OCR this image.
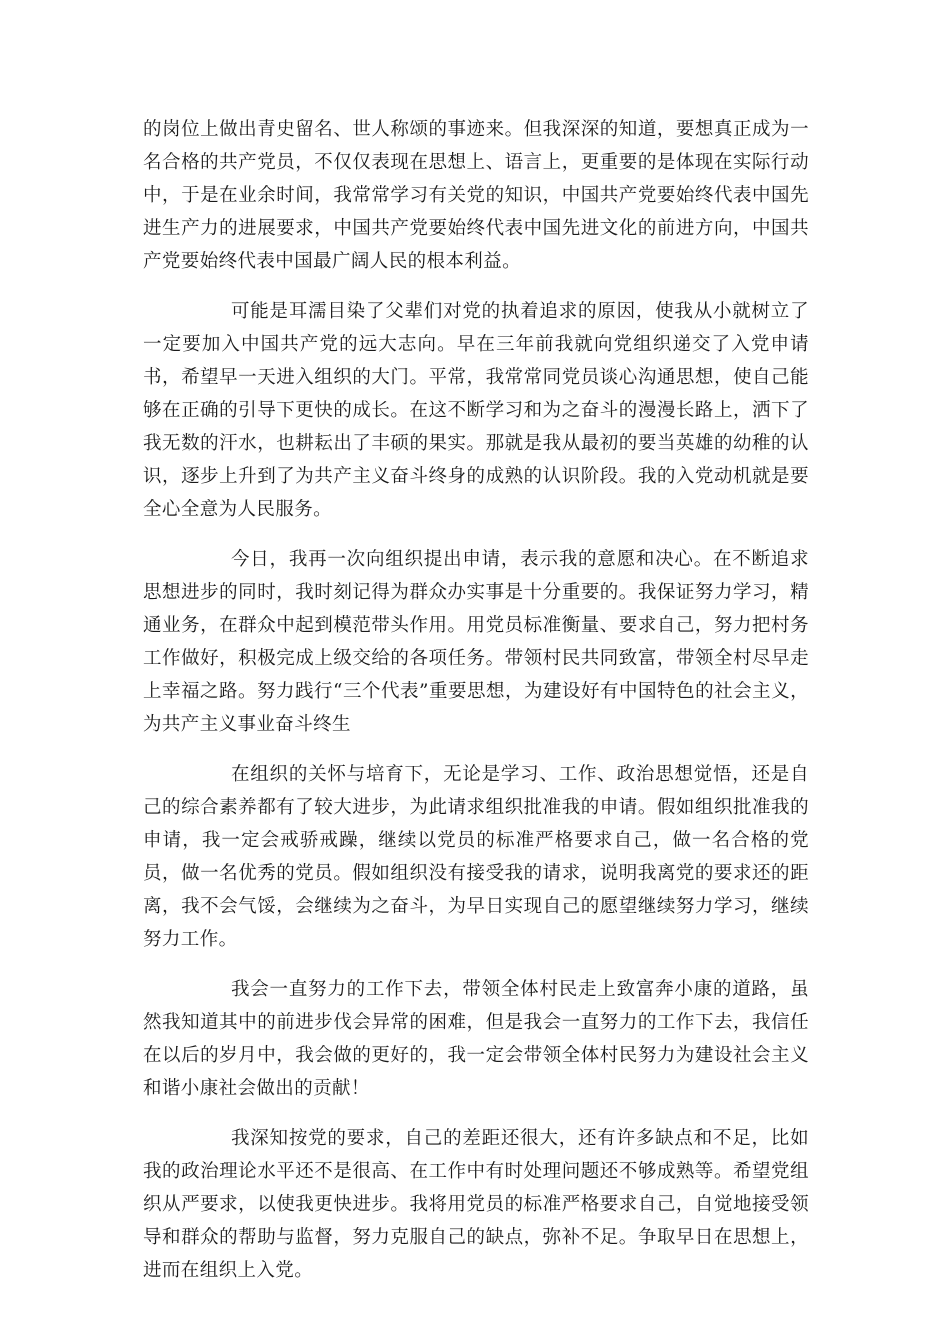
的岗位上做出青史留名、世人称颂的事迹来。但我深深的知道，要想真正成为一名合格的共产党员，不仅仅表现在思想上、语言上，更重要的是体现在实际行动中，于是在业余时间，我常常学习有关党的知识，中国共产党要始终代表中国先进生产力的进展要求，中国共产党要始终代表中国先进文化的前进方向，中国共产党要始终代表中国最广阔人民的根本利益。

可能是耳濡目染了父辈们对党的执着追求的原因，使我从小就树立了一定要加入中国共产党的远大志向。早在三年前我就向党组织递交了入党申请书，希望早一天进入组织的大门。平常，我常常同党员谈心沟通思想，使自己能够在正确的引导下更快的成长。在这不断学习和为之奋斗的漫漫长路上，洒下了我无数的汗水，也耕耘出了丰硕的果实。那就是我从最初的要当英雄的幼稚的认识，逐步上升到了为共产主义奋斗终身的成熟的认识阶段。我的入党动机就是要全心全意为人民服务。

今日，我再一次向组织提出申请，表示我的意愿和决心。在不断追求思想进步的同时，我时刻记得为群众办实事是十分重要的。我保证努力学习，精通业务，在群众中起到模范带头作用。用党员标准衡量、要求自己，努力把村务工作做好，积极完成上级交给的各项任务。带领村民共同致富，带领全村尽早走上幸福之路。努力践行“三个代表”重要思想，为建设好有中国特色的社会主义，为共产主义事业奋斗终生

在组织的关怀与培育下，无论是学习、工作、政治思想觉悟，还是自己的综合素养都有了较大进步，为此请求组织批准我的申请。假如组织批准我的申请，我一定会戒骄戒躁，继续以党员的标准严格要求自己，做一名合格的党员，做一名优秀的党员。假如组织没有接受我的请求，说明我离党的要求还的距离，我不会气馁，会继续为之奋斗，为早日实现自己的愿望继续努力学习，继续努力工作。

我会一直努力的工作下去，带领全体村民走上致富奔小康的道路，虽然我知道其中的前进步伐会异常的困难，但是我会一直努力的工作下去，我信任在以后的岁月中，我会做的更好的，我一定会带领全体村民努力为建设社会主义和谐小康社会做出的贡献！

我深知按党的要求，自己的差距还很大，还有许多缺点和不足，比如我的政治理论水平还不是很高、在工作中有时处理问题还不够成熟等。希望党组织从严要求，以使我更快进步。我将用党员的标准严格要求自己，自觉地接受领导和群众的帮助与监督，努力克服自己的缺点，弥补不足。争取早日在思想上，进而在组织上入党。
